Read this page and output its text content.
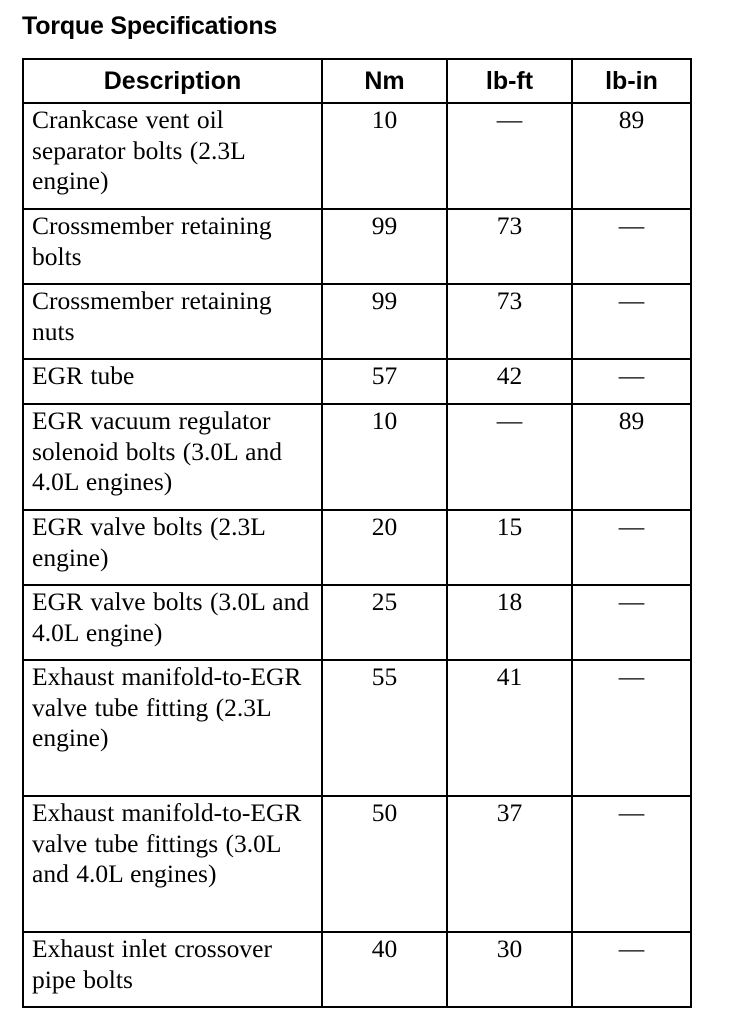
Torque Specifications
Description	Nm	lb-ft	lb-in
Crankcase vent oil separator bolts (2.3L engine)	10	—	89
Crossmember retaining bolts	99	73	—
Crossmember retaining nuts	99	73	—
EGR tube	57	42	—
EGR vacuum regulator solenoid bolts (3.0L and 4.0L engines)	10	—	89
EGR valve bolts (2.3L engine)	20	15	—
EGR valve bolts (3.0L and 4.0L engine)	25	18	—
Exhaust manifold-to-EGR valve tube fitting (2.3L engine)	55	41	—
Exhaust manifold-to-EGR valve tube fittings (3.0L and 4.0L engines)	50	37	—
Exhaust inlet crossover pipe bolts	40	30	—
